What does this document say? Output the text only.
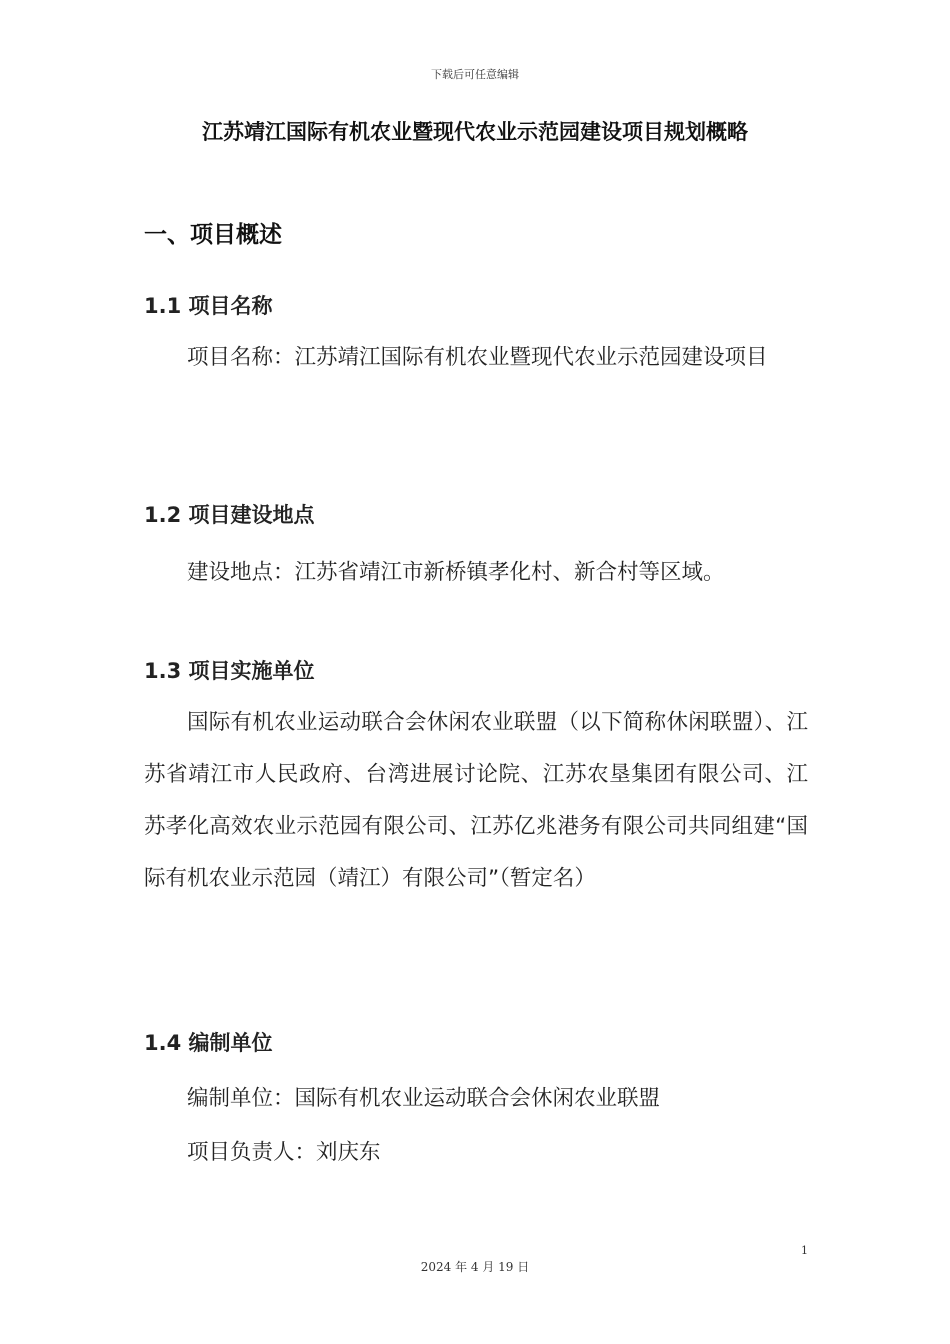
下载后可任意编辑
江苏靖江国际有机农业暨现代农业示范园建设项目规划概略
一、项目概述
1.1 项目名称

项目名称：江苏靖江国际有机农业暨现代农业示范园建设项目

1.2 项目建设地点

建设地点：江苏省靖江市新桥镇孝化村、新合村等区域。

1.3 项目实施单位

国际有机农业运动联合会休闲农业联盟（以下简称休闲联盟）、江苏省靖江市人民政府、台湾进展讨论院、江苏农垦集团有限公司、江苏孝化高效农业示范园有限公司、江苏亿兆港务有限公司共同组建“国际有机农业示范园（靖江）有限公司”（暂定名）

1.4 编制单位

编制单位：国际有机农业运动联合会休闲农业联盟

项目负责人：刘庆东

1
2024 年 4 月 19 日
